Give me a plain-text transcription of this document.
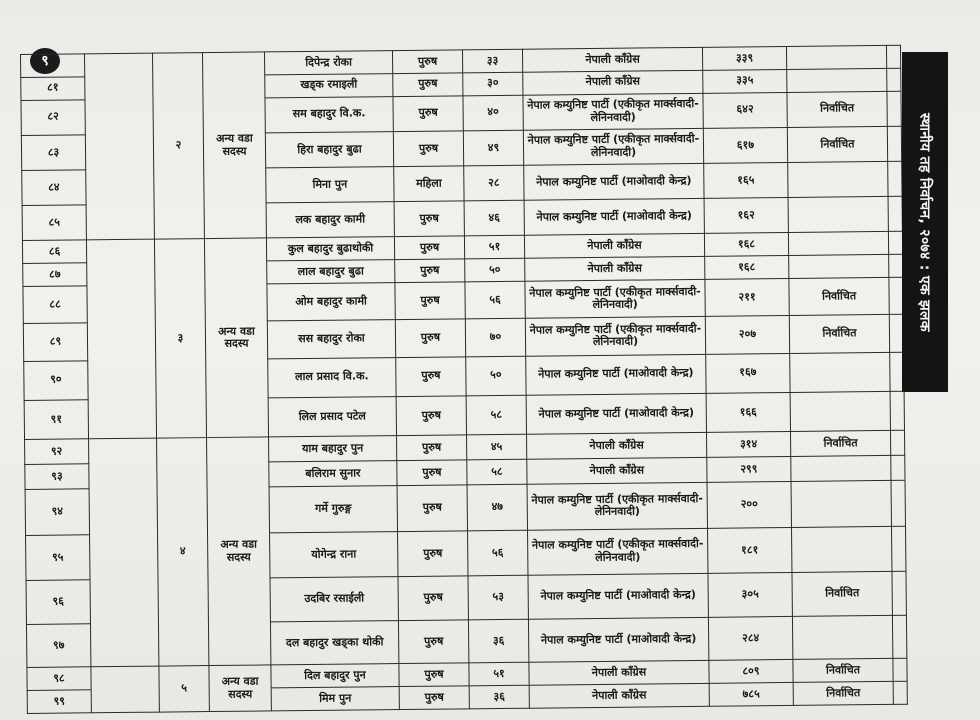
९
८०		२	अन्य वडा सदस्य	दिपेन्द्र रोका	पुरुष	३३	नेपाली काँग्रेस	३३९		
८१				खड्क रमाइली	पुरुष	३०	नेपाली काँग्रेस	३३५		
८२				सम बहादुर वि.क.	पुरुष	४०	नेपाल कम्युनिष्ट पार्टी (एकीकृत मार्क्सवादी-लेनिनवादी)	६४२	निर्वाचित	
८३				हिरा बहादुर बुढा	पुरुष	४९	नेपाल कम्युनिष्ट पार्टी (एकीकृत मार्क्सवादी-लेनिनवादी)	६१७	निर्वाचित	
८४				मिना पुन	महिला	२८	नेपाल कम्युनिष्ट पार्टी (माओवादी केन्द्र)	१६५		
८५				लक बहादुर कामी	पुरुष	४६	नेपाल कम्युनिष्ट पार्टी (माओवादी केन्द्र)	१६२		
८६		३	अन्य वडा सदस्य	कुल बहादुर बुढाथोकी	पुरुष	५१	नेपाली काँग्रेस	१६८		
८७				लाल बहादुर बुढा	पुरुष	५०	नेपाली काँग्रेस	१६८		
८८				ओम बहादुर कामी	पुरुष	५६	नेपाल कम्युनिष्ट पार्टी (एकीकृत मार्क्सवादी-लेनिनवादी)	२११	निर्वाचित	
८९				सस बहादुर रोका	पुरुष	७०	नेपाल कम्युनिष्ट पार्टी (एकीकृत मार्क्सवादी-लेनिनवादी)	२०७	निर्वाचित	
९०				लाल प्रसाद वि.क.	पुरुष	५०	नेपाल कम्युनिष्ट पार्टी (माओवादी केन्द्र)	१६७		
९१				लिल प्रसाद पटेल	पुरुष	५८	नेपाल कम्युनिष्ट पार्टी (माओवादी केन्द्र)	१६६		
९२		४	अन्य वडा सदस्य	याम बहादुर पुन	पुरुष	४५	नेपाली काँग्रेस	३१४	निर्वाचित	
९३				बलिराम सुनार	पुरुष	५८	नेपाली काँग्रेस	२९९		
९४				गर्मे गुरुङ्ग	पुरुष	४७	नेपाल कम्युनिष्ट पार्टी (एकीकृत मार्क्सवादी-लेनिनवादी)	२००		
९५				योगेन्द्र राना	पुरुष	५६	नेपाल कम्युनिष्ट पार्टी (एकीकृत मार्क्सवादी-लेनिनवादी)	१८१		
९६				उदबिर रसाईली	पुरुष	५३	नेपाल कम्युनिष्ट पार्टी (माओवादी केन्द्र)	३०५	निर्वाचित	
९७				दल बहादुर खड्का थोकी	पुरुष	३६	नेपाल कम्युनिष्ट पार्टी (माओवादी केन्द्र)	२८४		
९८		५	अन्य वडा सदस्य	दिल बहादुर पुन	पुरुष	५१	नेपाली काँग्रेस	८०९	निर्वाचित	
९९				मिम पुन	पुरुष	३६	नेपाली काँग्रेस	७८५	निर्वाचित	
स्थानीय तह निर्वाचन, २०७४ : एक झलक
